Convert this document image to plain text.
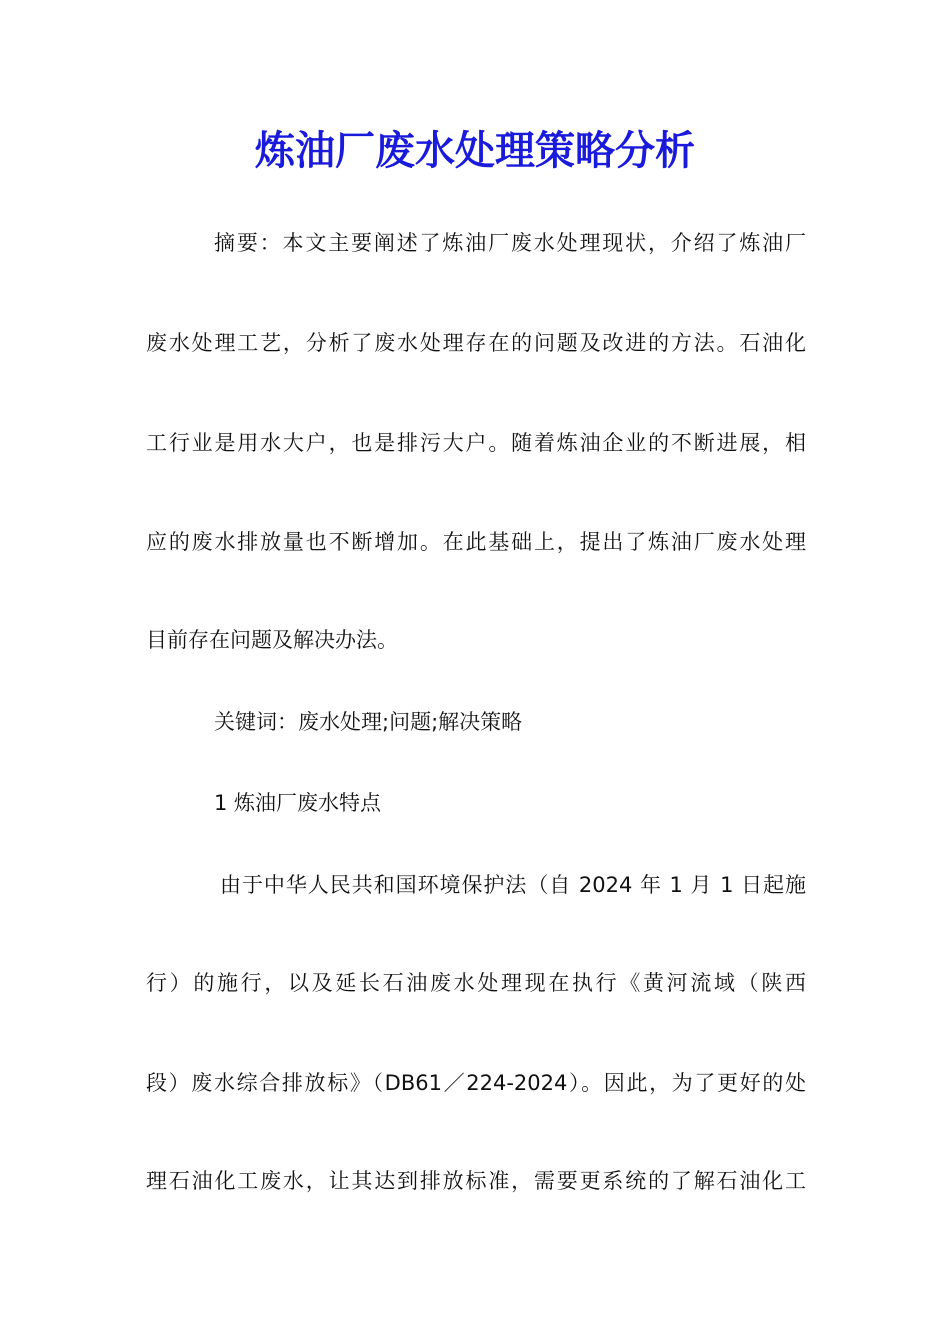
炼油厂废水处理策略分析

摘要：本文主要阐述了炼油厂废水处理现状，介绍了炼油厂

废水处理工艺，分析了废水处理存在的问题及改进的方法。石油化

工行业是用水大户，也是排污大户。随着炼油企业的不断进展，相

应的废水排放量也不断增加。在此基础上，提出了炼油厂废水处理

目前存在问题及解决办法。

关键词：废水处理;问题;解决策略

1 炼油厂废水特点

由于中华人民共和国环境保护法（自 2024 年 1 月 1 日起施

行）的施行，以及延长石油废水处理现在执行《黄河流域（陕西

段）废水综合排放标》（DB61／224-2024）。因此，为了更好的处

理石油化工废水，让其达到排放标准，需要更系统的了解石油化工
